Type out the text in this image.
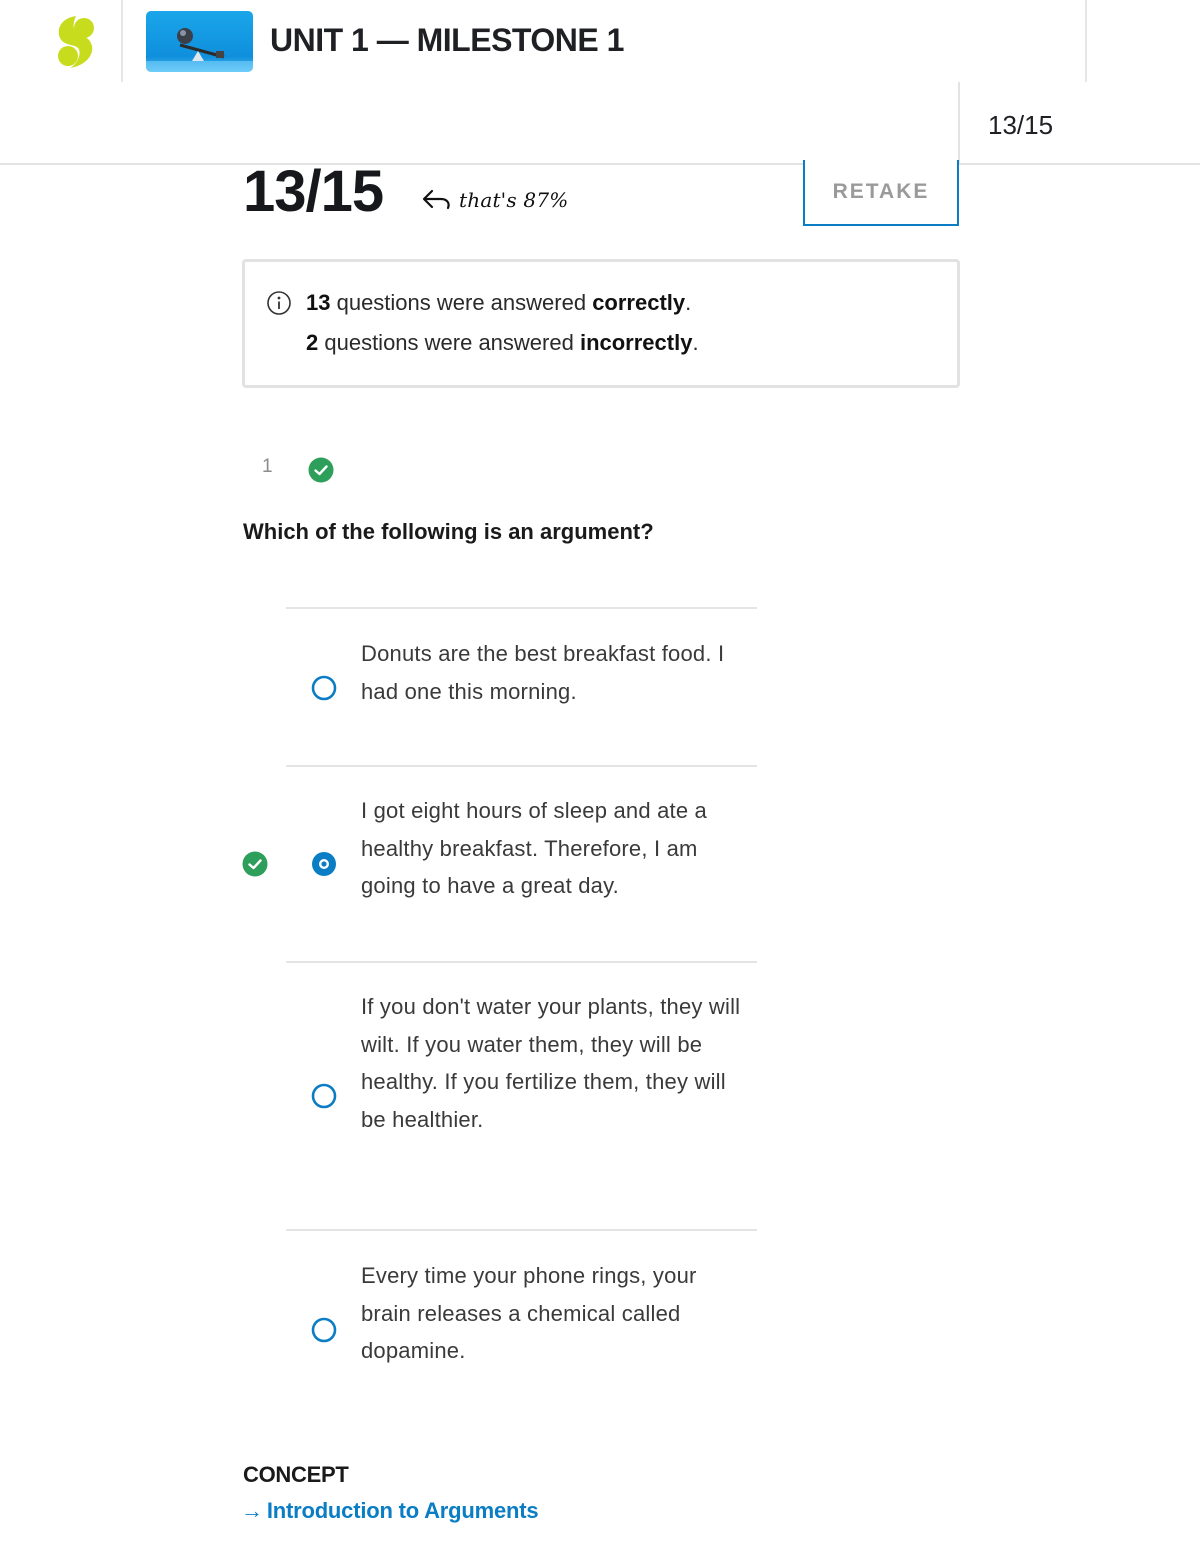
UNIT 1 — MILESTONE 1
13/15
13/15	that's 87%	RETAKE
13 questions were answered correctly.
2 questions were answered incorrectly.
1
Which of the following is an argument?
Donuts are the best breakfast food. I had one this morning.
I got eight hours of sleep and ate a healthy breakfast. Therefore, I am going to have a great day.
If you don't water your plants, they will wilt. If you water them, they will be healthy. If you fertilize them, they will be healthier.
Every time your phone rings, your brain releases a chemical called dopamine.
CONCEPT
→ Introduction to Arguments
